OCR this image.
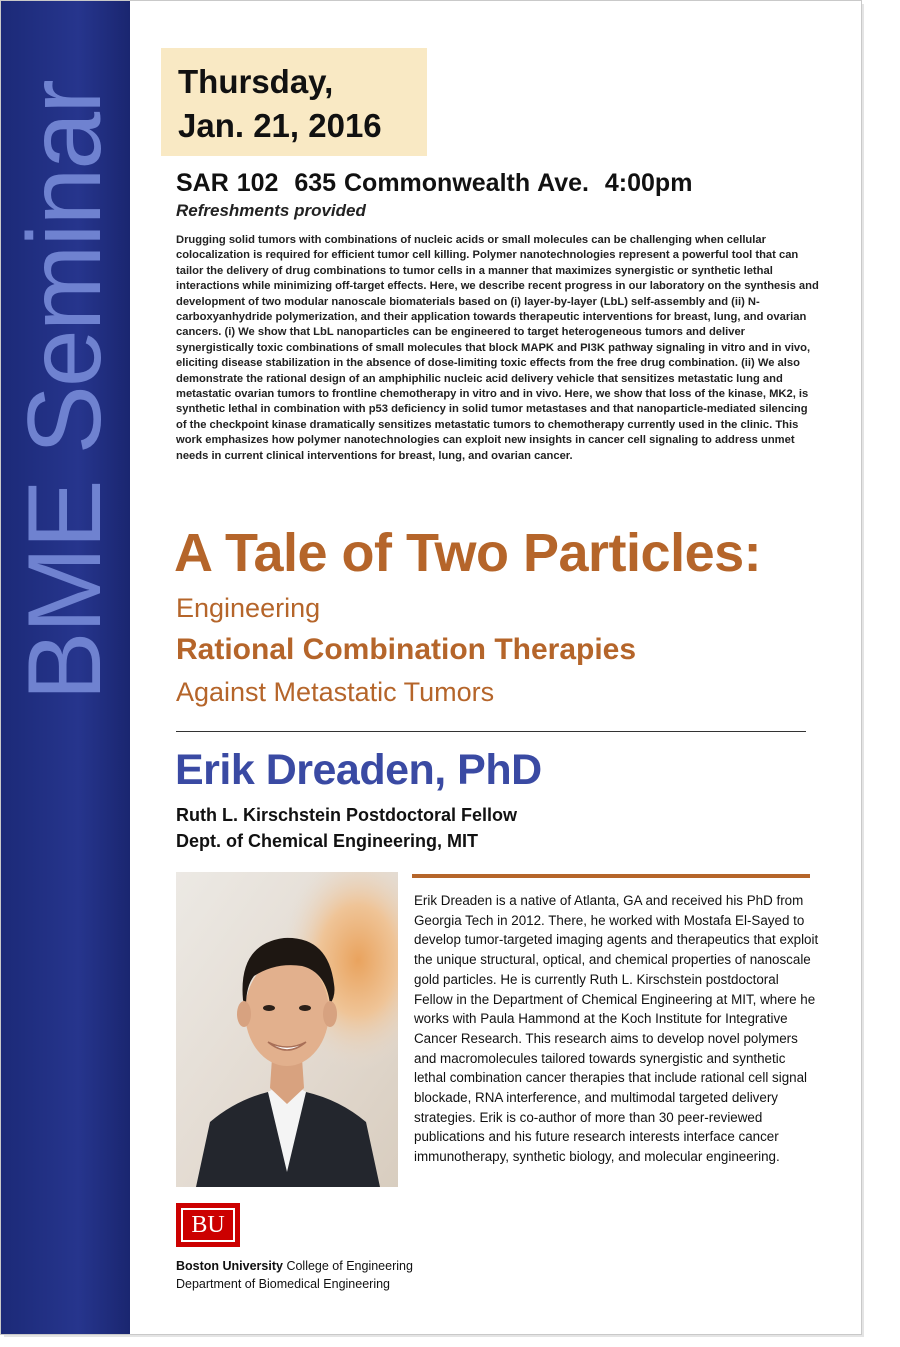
BME Seminar Thursday,
Jan. 21, 2016
SAR 102  635 Commonwealth Ave.  4:00pm
Refreshments provided
Drugging solid tumors with combinations of nucleic acids or small molecules can be challenging when cellular colocalization is required for efficient tumor cell killing. Polymer nanotechnologies represent a powerful tool that can tailor the delivery of drug combinations to tumor cells in a manner that maximizes synergistic or synthetic lethal interactions while minimizing off-target effects. Here, we describe recent progress in our laboratory on the synthesis and development of two modular nanoscale biomaterials based on (i) layer-by-layer (LbL) self-assembly and (ii) N-carboxyanhydride polymerization, and their application towards therapeutic interventions for breast, lung, and ovarian cancers. (i) We show that LbL nanoparticles can be engineered to target heterogeneous tumors and deliver synergistically toxic combinations of small molecules that block MAPK and PI3K pathway signaling in vitro and in vivo, eliciting disease stabilization in the absence of dose-limiting toxic effects from the free drug combination. (ii) We also demonstrate the rational design of an amphiphilic nucleic acid delivery vehicle that sensitizes metastatic lung and metastatic ovarian tumors to frontline chemotherapy in vitro and in vivo. Here, we show that loss of the kinase, MK2, is synthetic lethal in combination with p53 deficiency in solid tumor metastases and that nanoparticle-mediated silencing of the checkpoint kinase dramatically sensitizes metastatic tumors to chemotherapy currently used in the clinic. This work emphasizes how polymer nanotechnologies can exploit new insights in cancer cell signaling to address unmet needs in current clinical interventions for breast, lung, and ovarian cancer.
A Tale of Two Particles:
Engineering
Rational Combination Therapies
Against Metastatic Tumors
Erik Dreaden, PhD
Ruth L. Kirschstein Postdoctoral Fellow
Dept. of Chemical Engineering, MIT
Erik Dreaden is a native of Atlanta, GA and received his PhD from Georgia Tech in 2012. There, he worked with Mostafa El-Sayed to develop tumor-targeted imaging agents and therapeutics that exploit the unique structural, optical, and chemical properties of nanoscale gold particles. He is currently Ruth L. Kirschstein postdoctoral Fellow in the Department of Chemical Engineering at MIT, where he works with Paula Hammond at the Koch Institute for Integrative Cancer Research. This research aims to develop novel polymers and macromolecules tailored towards synergistic and synthetic lethal combination cancer therapies that include rational cell signal blockade, RNA interference, and multimodal targeted delivery strategies. Erik is co-author of more than 30 peer-reviewed publications and his future research interests interface cancer immunotherapy, synthetic biology, and molecular engineering.
BU
Boston University College of Engineering
Department of Biomedical Engineering
